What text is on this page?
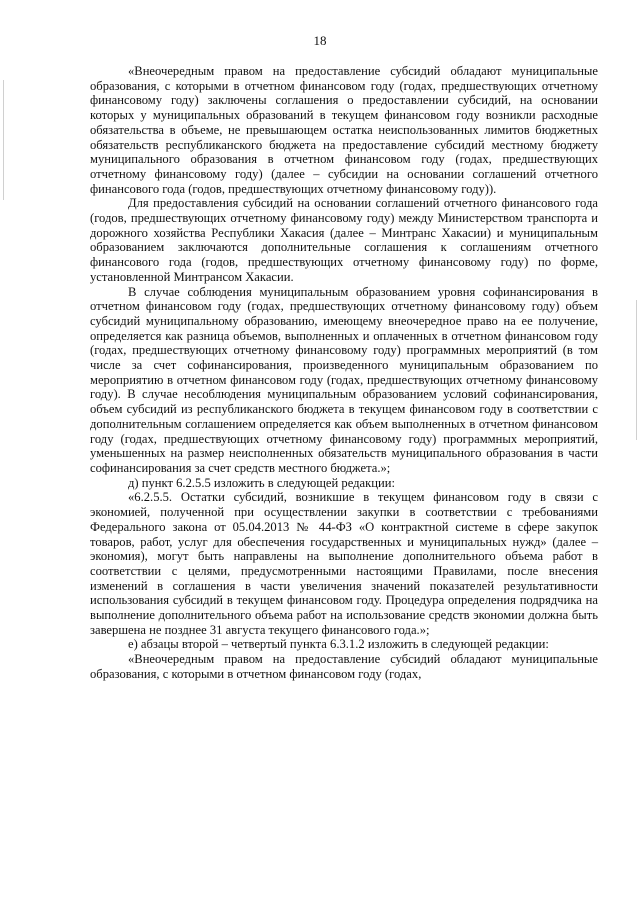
18

«Внеочередным правом на предоставление субсидий обладают муниципальные образования, с которыми в отчетном финансовом году (годах, предшествующих отчетному финансовому году) заключены соглашения о предоставлении субсидий, на основании которых у муниципальных образований в текущем финансовом году возникли расходные обязательства в объеме, не превышающем остатка неиспользованных лимитов бюджетных обязательств республиканского бюджета на предоставление субсидий местному бюджету муниципального образования в отчетном финансовом году (годах, предшествующих отчетному финансовому году) (далее – субсидии на основании соглашений отчетного финансового года (годов, предшествующих отчетному финансовому году)).

Для предоставления субсидий на основании соглашений отчетного финансового года (годов, предшествующих отчетному финансовому году) между Министерством транспорта и дорожного хозяйства Республики Хакасия (далее – Минтранс Хакасии) и муниципальным образованием заключаются дополнительные соглашения к соглашениям отчетного финансового года (годов, предшествующих отчетному финансовому году) по форме, установленной Минтрансом Хакасии.

В случае соблюдения муниципальным образованием уровня софинансирования в отчетном финансовом году (годах, предшествующих отчетному финансовому году) объем субсидий муниципальному образованию, имеющему внеочередное право на ее получение, определяется как разница объемов, выполненных и оплаченных в отчетном финансовом году (годах, предшествующих отчетному финансовому году) программных мероприятий (в том числе за счет софинансирования, произведенного муниципальным образованием по мероприятию в отчетном финансовом году (годах, предшествующих отчетному финансовому году). В случае несоблюдения муниципальным образованием условий софинансирования, объем субсидий из республиканского бюджета в текущем финансовом году в соответствии с дополнительным соглашением определяется как объем выполненных в отчетном финансовом году (годах, предшествующих отчетному финансовому году) программных мероприятий, уменьшенных на размер неисполненных обязательств муниципального образования в части софинансирования за счет средств местного бюджета.»;

д) пункт 6.2.5.5 изложить в следующей редакции:

«6.2.5.5. Остатки субсидий, возникшие в текущем финансовом году в связи с экономией, полученной при осуществлении закупки в соответствии с требованиями Федерального закона от 05.04.2013 № 44-ФЗ «О контрактной системе в сфере закупок товаров, работ, услуг для обеспечения государственных и муниципальных нужд» (далее – экономия), могут быть направлены на выполнение дополнительного объема работ в соответствии с целями, предусмотренными настоящими Правилами, после внесения изменений в соглашения в части увеличения значений показателей результативности использования субсидий в текущем финансовом году. Процедура определения подрядчика на выполнение дополнительного объема работ на использование средств экономии должна быть завершена не позднее 31 августа текущего финансового года.»;

е) абзацы второй – четвертый пункта 6.3.1.2 изложить в следующей редакции:

«Внеочередным правом на предоставление субсидий обладают муниципальные образования, с которыми в отчетном финансовом году (годах,
